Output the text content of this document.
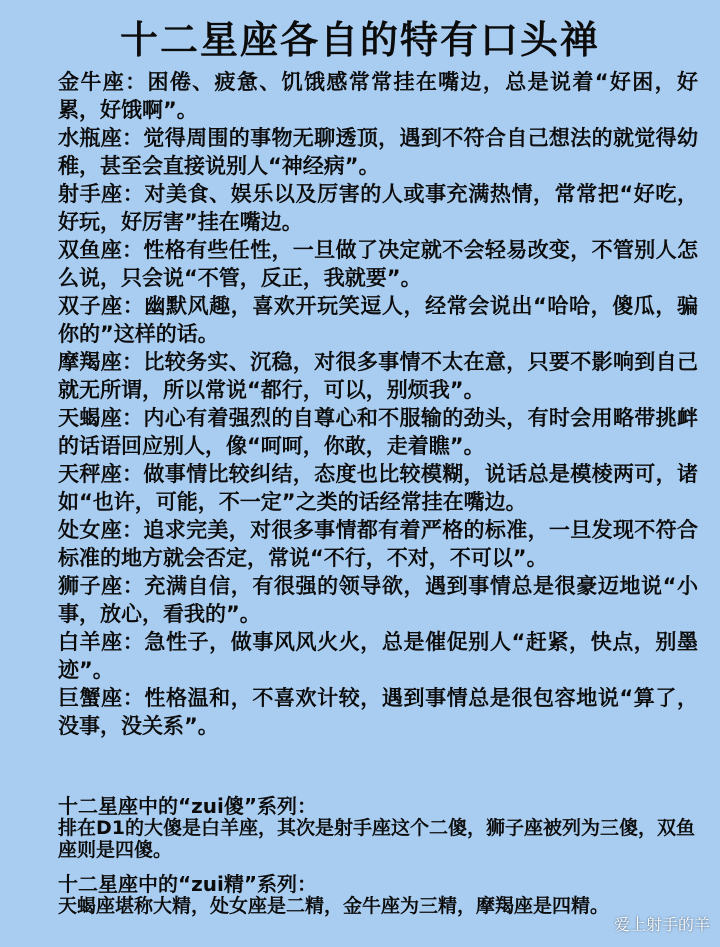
十二星座各自的特有口头禅

金牛座：困倦、疲惫、饥饿感常常挂在嘴边，总是说着“好困，好累，好饿啊”。

水瓶座：觉得周围的事物无聊透顶，遇到不符合自己想法的就觉得幼稚，甚至会直接说别人“神经病”。

射手座：对美食、娱乐以及厉害的人或事充满热情，常常把“好吃，好玩，好厉害”挂在嘴边。

双鱼座：性格有些任性，一旦做了决定就不会轻易改变，不管别人怎么说，只会说“不管，反正，我就要”。

双子座：幽默风趣，喜欢开玩笑逗人，经常会说出“哈哈，傻瓜，骗你的”这样的话。

摩羯座：比较务实、沉稳，对很多事情不太在意，只要不影响到自己就无所谓，所以常说“都行，可以，别烦我”。

天蝎座：内心有着强烈的自尊心和不服输的劲头，有时会用略带挑衅的话语回应别人，像“呵呵，你敢，走着瞧”。

天秤座：做事情比较纠结，态度也比较模糊，说话总是模棱两可，诸如“也许，可能，不一定”之类的话经常挂在嘴边。

处女座：追求完美，对很多事情都有着严格的标准，一旦发现不符合标准的地方就会否定，常说“不行，不对，不可以”。

狮子座：充满自信，有很强的领导欲，遇到事情总是很豪迈地说“小事，放心，看我的”。

白羊座：急性子，做事风风火火，总是催促别人“赶紧，快点，别墨迹”。

巨蟹座：性格温和，不喜欢计较，遇到事情总是很包容地说“算了，没事，没关系”。

十二星座中的“zui傻”系列：
排在D1的大傻是白羊座，其次是射手座这个二傻，狮子座被列为三傻，双鱼座则是四傻。
十二星座中的“zui精”系列：
天蝎座堪称大精，处女座是二精，金牛座为三精，摩羯座是四精。
爱上射手的羊
